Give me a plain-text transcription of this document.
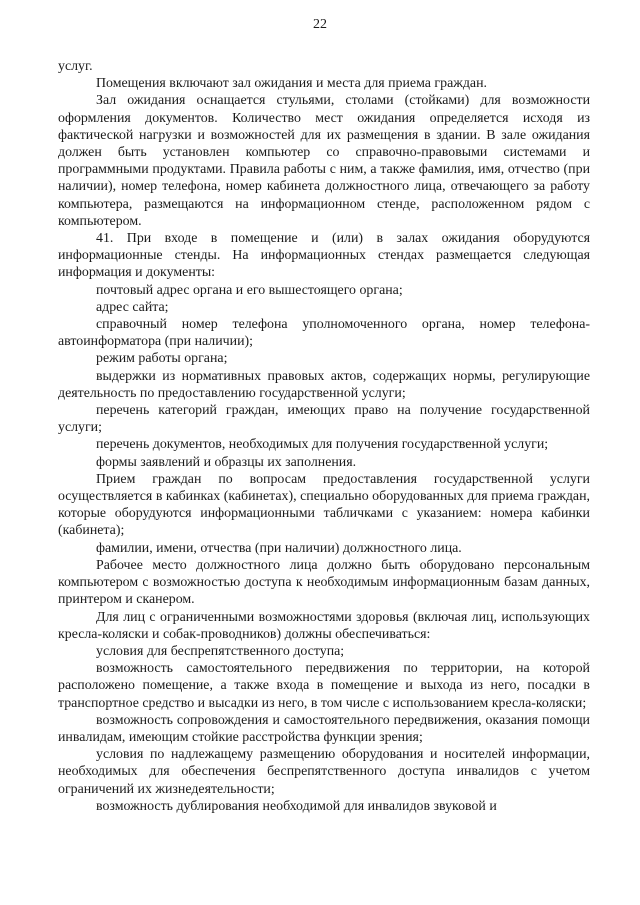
22

услуг.

Помещения включают зал ожидания и места для приема граждан.

Зал ожидания оснащается стульями, столами (стойками) для возможности оформления документов. Количество мест ожидания определяется исходя из фактической нагрузки и возможностей для их размещения в здании. В зале ожидания должен быть установлен компьютер со справочно-правовыми системами и программными продуктами. Правила работы с ним, а также фамилия, имя, отчество (при наличии), номер телефона, номер кабинета должностного лица, отвечающего за работу компьютера, размещаются на информационном стенде, расположенном рядом с компьютером.

41. При входе в помещение и (или) в залах ожидания оборудуются информационные стенды. На информационных стендах размещается следующая информация и документы:

почтовый адрес органа и его вышестоящего органа;

адрес сайта;

справочный номер телефона уполномоченного органа, номер телефона-автоинформатора (при наличии);

режим работы органа;

выдержки из нормативных правовых актов, содержащих нормы, регулирующие деятельность по предоставлению государственной услуги;

перечень категорий граждан, имеющих право на получение государственной услуги;

перечень документов, необходимых для получения государственной услуги;

формы заявлений и образцы их заполнения.

Прием граждан по вопросам предоставления государственной услуги осуществляется в кабинках (кабинетах), специально оборудованных для приема граждан, которые оборудуются информационными табличками с указанием: номера кабинки (кабинета);

фамилии, имени, отчества (при наличии) должностного лица.

Рабочее место должностного лица должно быть оборудовано персональным компьютером с возможностью доступа к необходимым информационным базам данных, принтером и сканером.

Для лиц с ограниченными возможностями здоровья (включая лиц, использующих кресла-коляски и собак-проводников) должны обеспечиваться:

условия для беспрепятственного доступа;

возможность самостоятельного передвижения по территории, на которой расположено помещение, а также входа в помещение и выхода из него, посадки в транспортное средство и высадки из него, в том числе с использованием кресла-коляски;

возможность сопровождения и самостоятельного передвижения, оказания помощи инвалидам, имеющим стойкие расстройства функции зрения;

условия по надлежащему размещению оборудования и носителей информации, необходимых для обеспечения беспрепятственного доступа инвалидов с учетом ограничений их жизнедеятельности;

возможность дублирования необходимой для инвалидов звуковой и
